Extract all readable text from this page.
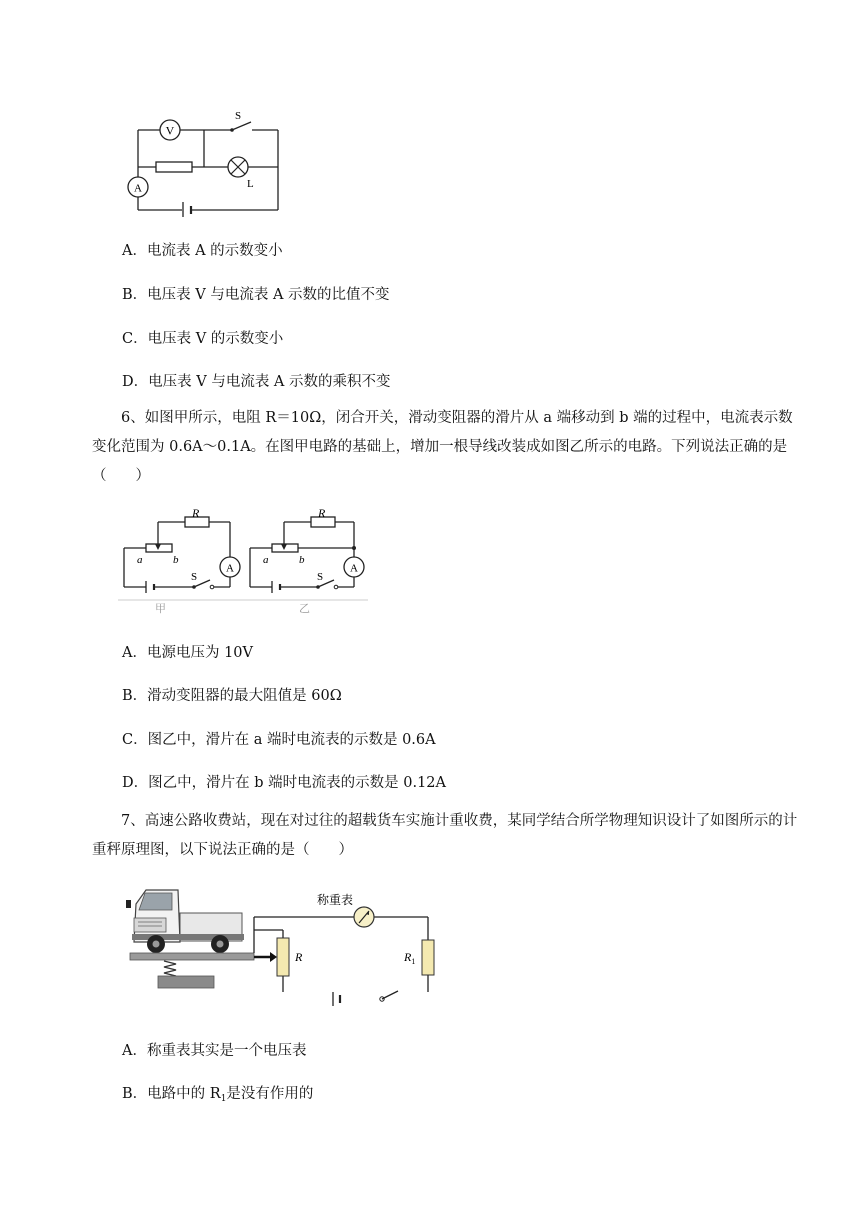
V
A
S
L
A．电流表 A 的示数变小
B．电压表 V 与电流表 A 示数的比值不变
C．电压表 V 的示数变小
D．电压表 V 与电流表 A 示数的乘积不变
6、如图甲所示，电阻 R＝10Ω，闭合开关，滑动变阻器的滑片从 a 端移动到 b 端的过程中，电流表示数变化范围为 0.6A～0.1A。在图甲电路的基础上，增加一根导线改装成如图乙所示的电路。下列说法正确的是（　　）
A
R
a	b
S
A
R
a	b
S
甲	乙
A．电源电压为 10V
B．滑动变阻器的最大阻值是 60Ω
C．图乙中，滑片在 a 端时电流表的示数是 0.6A
D．图乙中，滑片在 b 端时电流表的示数是 0.12A
7、高速公路收费站，现在对过往的超载货车实施计重收费，某同学结合所学物理知识设计了如图所示的计重秤原理图，以下说法正确的是（　　）
称重表
R	$R_1$
A．称重表其实是一个电压表
B．电路中的 $R_1$是没有作用的
